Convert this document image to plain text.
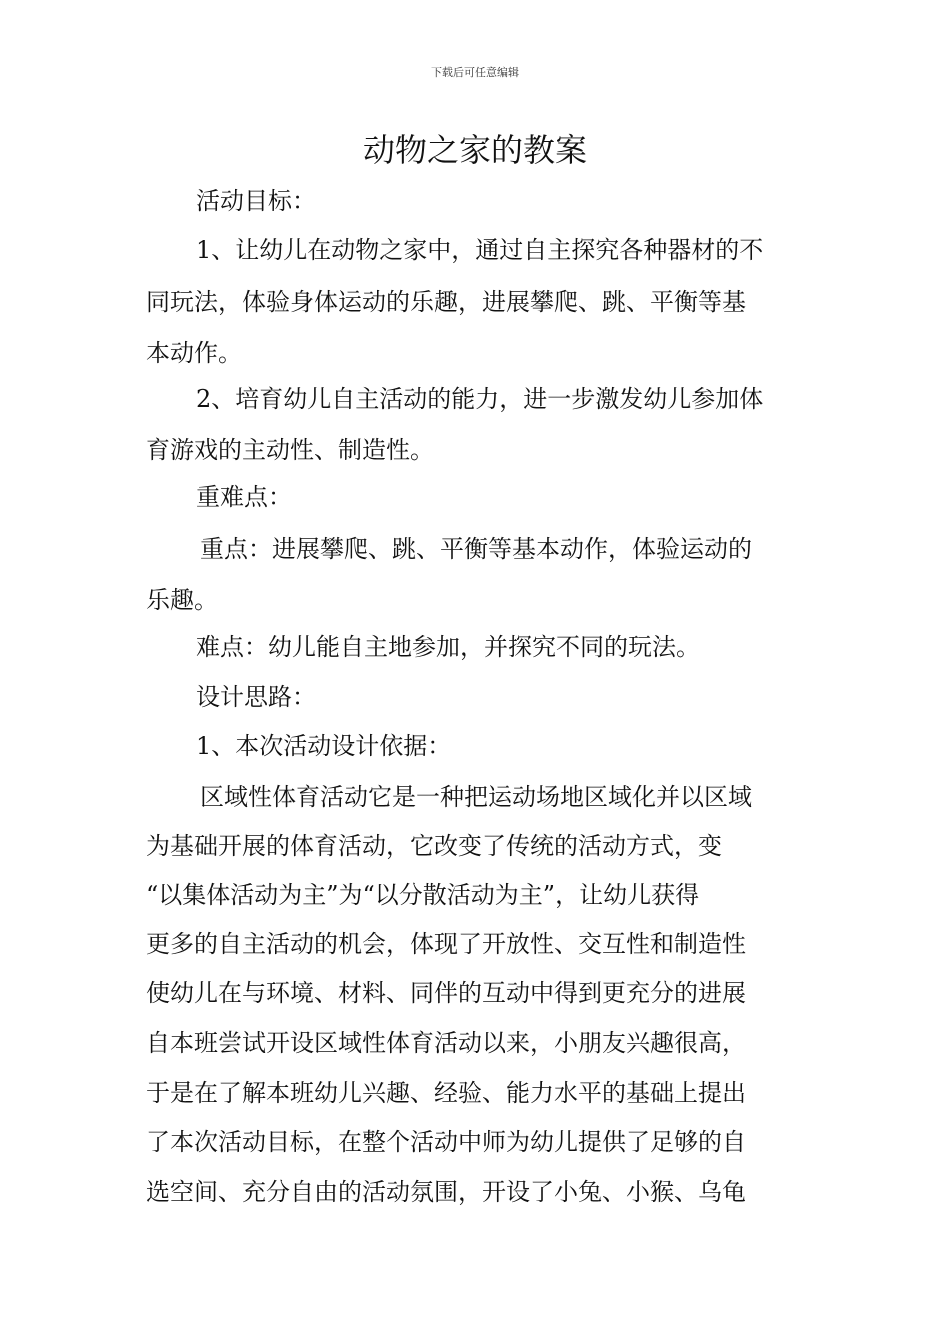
下载后可任意编辑
动物之家的教案
活动目标：
1、让幼儿在动物之家中，通过自主探究各种器材的不
同玩法，体验身体运动的乐趣，进展攀爬、跳、平衡等基
本动作。
2、培育幼儿自主活动的能力，进一步激发幼儿参加体
育游戏的主动性、制造性。
重难点：
重点：进展攀爬、跳、平衡等基本动作，体验运动的
乐趣。
难点：幼儿能自主地参加，并探究不同的玩法。
设计思路：
1、本次活动设计依据：
区域性体育活动它是一种把运动场地区域化并以区域
为基础开展的体育活动，它改变了传统的活动方式，变
“以集体活动为主”为“以分散活动为主”，让幼儿获得
更多的自主活动的机会，体现了开放性、交互性和制造性
使幼儿在与环境、材料、同伴的互动中得到更充分的进展
自本班尝试开设区域性体育活动以来，小朋友兴趣很高，
于是在了解本班幼儿兴趣、经验、能力水平的基础上提出
了本次活动目标，在整个活动中师为幼儿提供了足够的自
选空间、充分自由的活动氛围，开设了小兔、小猴、乌龟
